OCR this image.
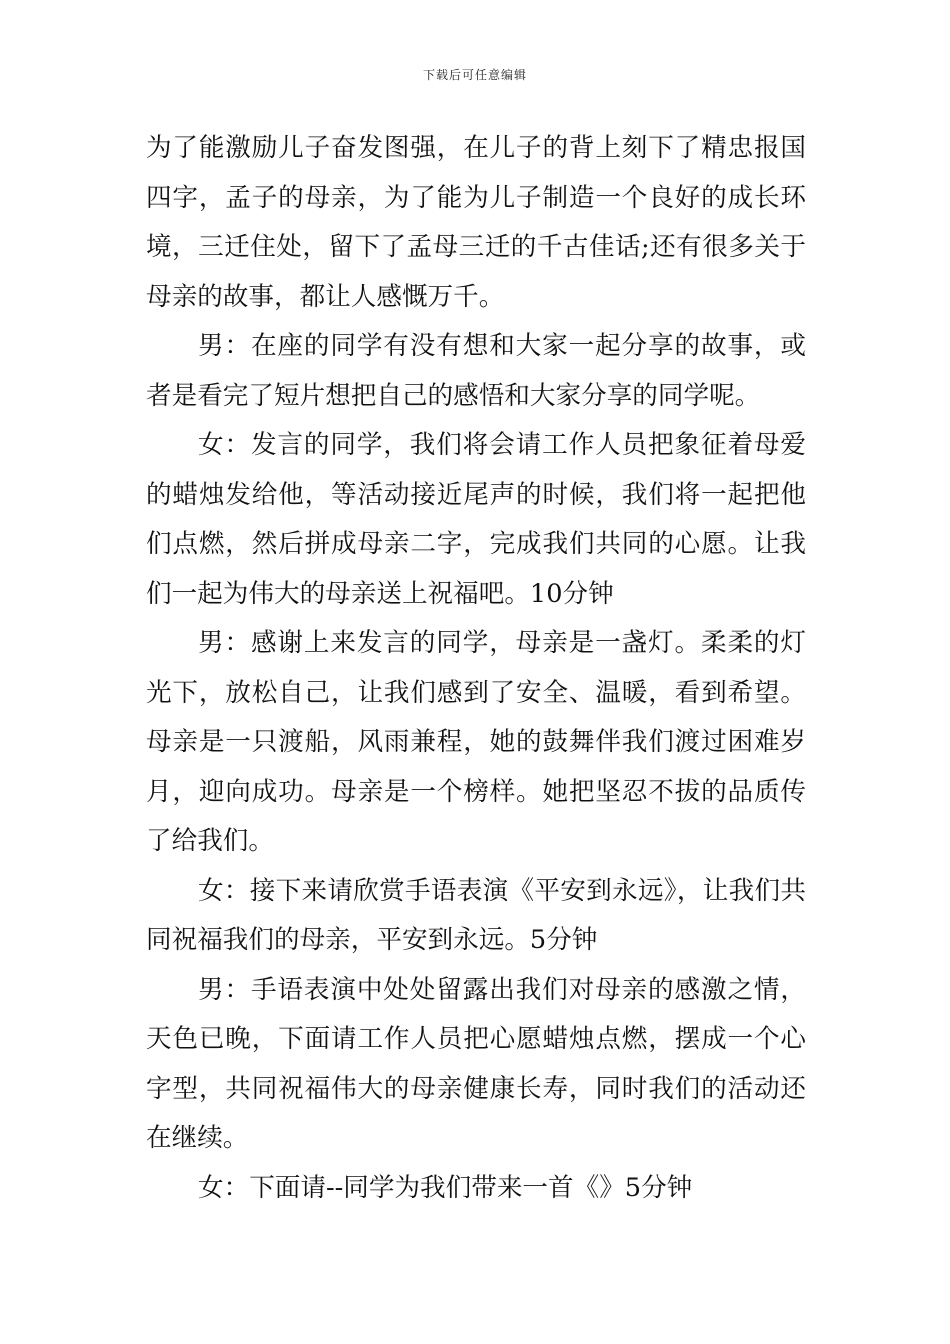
下载后可任意编辑

为了能激励儿子奋发图强，在儿子的背上刻下了精忠报国四字，孟子的母亲，为了能为儿子制造一个良好的成长环境，三迁住处，留下了孟母三迁的千古佳话;还有很多关于母亲的故事，都让人感慨万千。

男：在座的同学有没有想和大家一起分享的故事，或者是看完了短片想把自己的感悟和大家分享的同学呢。

女：发言的同学，我们将会请工作人员把象征着母爱的蜡烛发给他，等活动接近尾声的时候，我们将一起把他们点燃，然后拼成母亲二字，完成我们共同的心愿。让我们一起为伟大的母亲送上祝福吧。10分钟

男：感谢上来发言的同学，母亲是一盏灯。柔柔的灯光下，放松自己，让我们感到了安全、温暖，看到希望。母亲是一只渡船，风雨兼程，她的鼓舞伴我们渡过困难岁月，迎向成功。母亲是一个榜样。她把坚忍不拔的品质传了给我们。

女：接下来请欣赏手语表演《平安到永远》，让我们共同祝福我们的母亲，平安到永远。5分钟

男：手语表演中处处留露出我们对母亲的感激之情，天色已晚，下面请工作人员把心愿蜡烛点燃，摆成一个心字型，共同祝福伟大的母亲健康长寿，同时我们的活动还在继续。

女：下面请--同学为我们带来一首《》5分钟
